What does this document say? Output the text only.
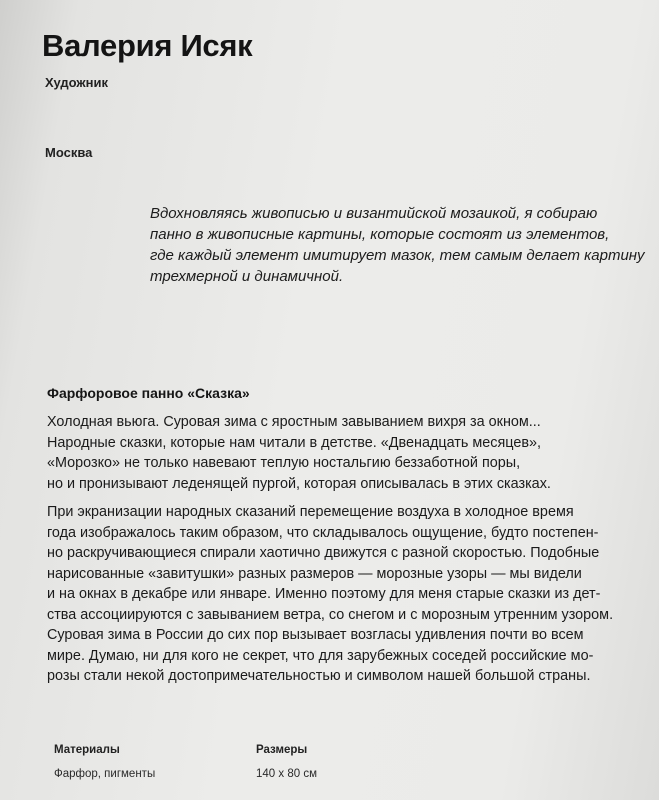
Валерия Исяк
Художник
Москва
Вдохновляясь живописью и византийской мозаикой, я собираю
панно в живописные картины, которые состоят из элементов,
где каждый элемент имитирует мазок, тем самым делает картину
трехмерной и динамичной.
Фарфоровое панно «Сказка»
Холодная вьюга. Суровая зима с яростным завыванием вихря за окном...
Народные сказки, которые нам читали в детстве. «Двенадцать месяцев»,
«Морозко» не только навевают теплую ностальгию беззаботной поры,
но и пронизывают леденящей пургой, которая описывалась в этих сказках.
При экранизации народных сказаний перемещение воздуха в холодное время
года изображалось таким образом, что складывалось ощущение, будто постепен-
но раскручивающиеся спирали хаотично движутся с разной скоростью. Подобные
нарисованные «завитушки» разных размеров — морозные узоры — мы видели
и на окнах в декабре или январе. Именно поэтому для меня старые сказки из дет-
ства ассоциируются с завыванием ветра, со снегом и с морозным утренним узором.
Суровая зима в России до сих пор вызывает возгласы удивления почти во всем
мире. Думаю, ни для кого не секрет, что для зарубежных соседей российские мо-
розы стали некой достопримечательностью и символом нашей большой страны.
Материалы
Фарфор, пигменты
Размеры
140 х 80 см
